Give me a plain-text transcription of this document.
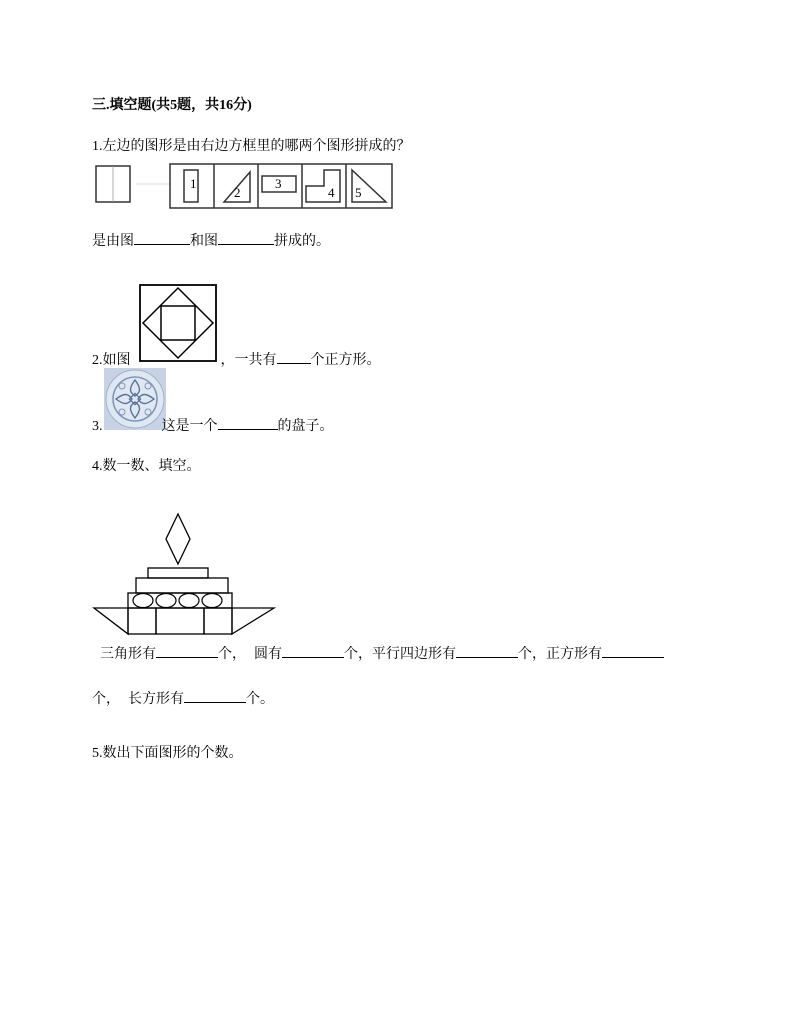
三.填空题(共5题，共16分)
1.左边的图形是由右边方框里的哪两个图形拼成的？
1
2
3
4 5
是由图	和图	拼成的。
2.如图	，一共有 个正方形。
3.	这是一个	的盘子。
4.数一数、填空。
三角形有	个， 圆有	个，平行四边形有	个，正方形有
个， 长方形有	个。
5.数出下面图形的个数。
